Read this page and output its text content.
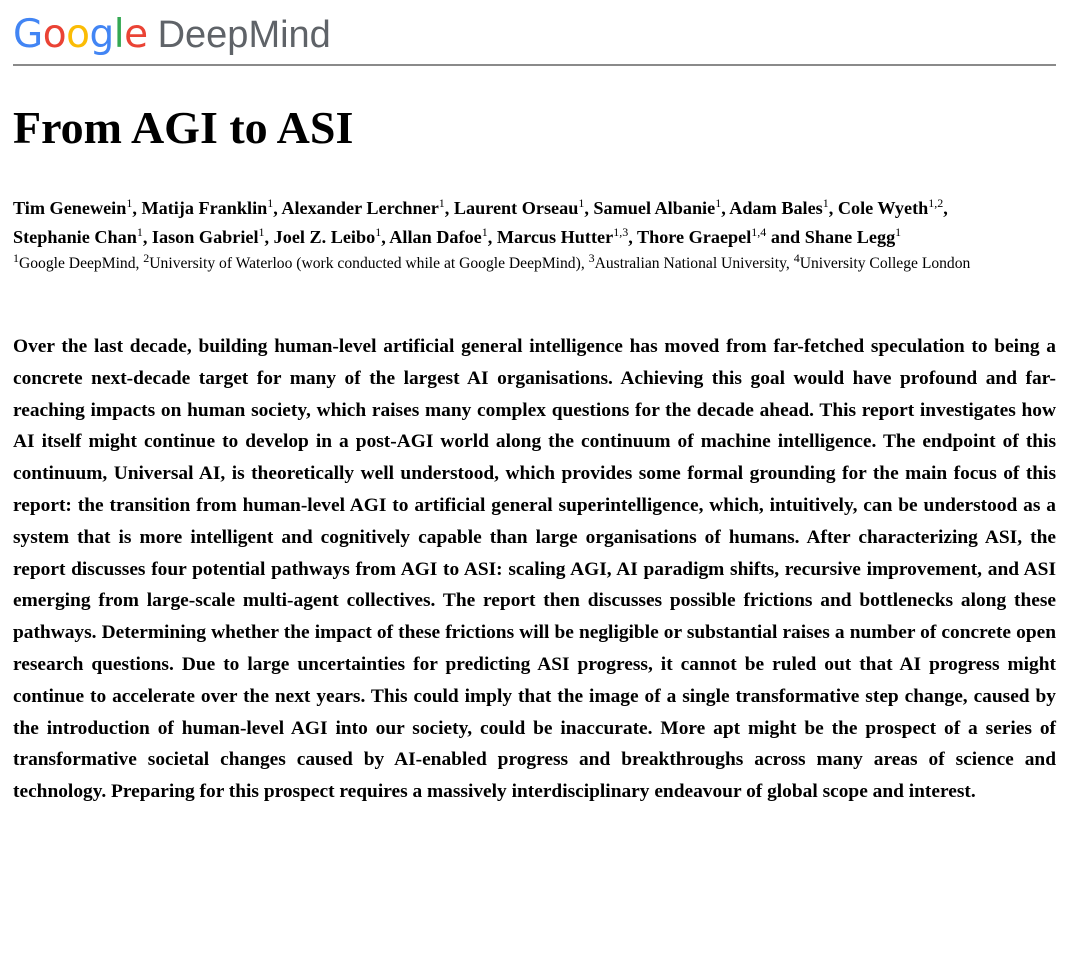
Google DeepMind
From AGI to ASI
Tim Genewein$^1$, Matija Franklin$^1$, Alexander Lerchner$^1$, Laurent Orseau$^1$, Samuel Albanie$^1$, Adam Bales$^1$, Cole Wyeth$^{1,2}$, Stephanie Chan$^1$, Iason Gabriel$^1$, Joel Z. Leibo$^1$, Allan Dafoe$^1$, Marcus Hutter$^{1,3}$, Thore Graepel$^{1,4}$ and Shane Legg$^1$
$^1$Google DeepMind, $^2$University of Waterloo (work conducted while at Google DeepMind), $^3$Australian National University, $^4$University College London

Over the last decade, building human-level artificial general intelligence has moved from far-fetched speculation to being a concrete next-decade target for many of the largest AI organisations. Achieving this goal would have profound and far-reaching impacts on human society, which raises many complex questions for the decade ahead. This report investigates how AI itself might continue to develop in a post-AGI world along the continuum of machine intelligence. The endpoint of this continuum, Universal AI, is theoretically well understood, which provides some formal grounding for the main focus of this report: the transition from human-level AGI to artificial general superintelligence, which, intuitively, can be understood as a system that is more intelligent and cognitively capable than large organisations of humans. After characterizing ASI, the report discusses four potential pathways from AGI to ASI: scaling AGI, AI paradigm shifts, recursive improvement, and ASI emerging from large-scale multi-agent collectives. The report then discusses possible frictions and bottlenecks along these pathways. Determining whether the impact of these frictions will be negligible or substantial raises a number of concrete open research questions. Due to large uncertainties for predicting ASI progress, it cannot be ruled out that AI progress might continue to accelerate over the next years. This could imply that the image of a single transformative step change, caused by the introduction of human-level AGI into our society, could be inaccurate. More apt might be the prospect of a series of transformative societal changes caused by AI-enabled progress and breakthroughs across many areas of science and technology. Preparing for this prospect requires a massively interdisciplinary endeavour of global scope and interest.
